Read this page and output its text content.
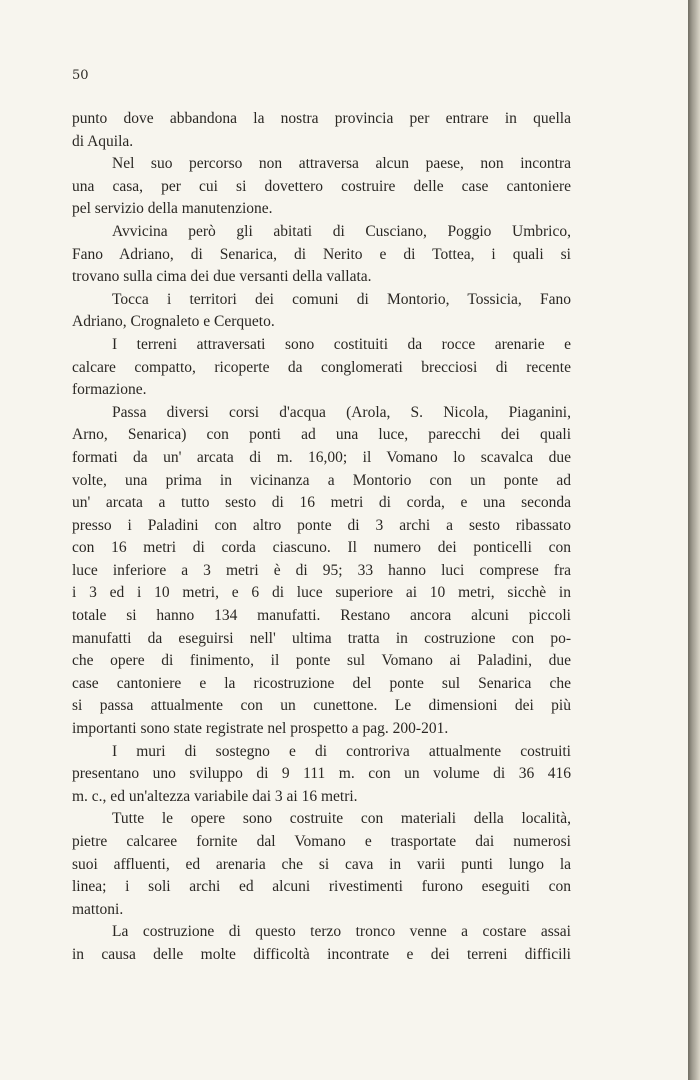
50
punto dove abbandona la nostra provincia per entrare in quella
di Aquila.
Nel suo percorso non attraversa alcun paese, non incontra
una casa, per cui si dovettero costruire delle case cantoniere
pel servizio della manutenzione.
Avvicina però gli abitati di Cusciano, Poggio Umbrico,
Fano Adriano, di Senarica, di Nerito e di Tottea, i quali si
trovano sulla cima dei due versanti della vallata.
Tocca i territori dei comuni di Montorio, Tossicia, Fano
Adriano, Crognaleto e Cerqueto.
I terreni attraversati sono costituiti da rocce arenarie e
calcare compatto, ricoperte da conglomerati brecciosi di recente
formazione.
Passa diversi corsi d'acqua (Arola, S. Nicola, Piaganini,
Arno, Senarica) con ponti ad una luce, parecchi dei quali
formati da un' arcata di m. 16,00; il Vomano lo scavalca due
volte, una prima in vicinanza a Montorio con un ponte ad
un' arcata a tutto sesto di 16 metri di corda, e una seconda
presso i Paladini con altro ponte di 3 archi a sesto ribassato
con 16 metri di corda ciascuno. Il numero dei ponticelli con
luce inferiore a 3 metri è di 95; 33 hanno luci comprese fra
i 3 ed i 10 metri, e 6 di luce superiore ai 10 metri, sicchè in
totale si hanno 134 manufatti. Restano ancora alcuni piccoli
manufatti da eseguirsi nell' ultima tratta in costruzione con po-
che opere di finimento, il ponte sul Vomano ai Paladini, due
case cantoniere e la ricostruzione del ponte sul Senarica che
si passa attualmente con un cunettone. Le dimensioni dei più
importanti sono state registrate nel prospetto a pag. 200-201.
I muri di sostegno e di controriva attualmente costruiti
presentano uno sviluppo di 9 111 m. con un volume di 36 416
m. c., ed un'altezza variabile dai 3 ai 16 metri.
Tutte le opere sono costruite con materiali della località,
pietre calcaree fornite dal Vomano e trasportate dai numerosi
suoi affluenti, ed arenaria che si cava in varii punti lungo la
linea; i soli archi ed alcuni rivestimenti furono eseguiti con
mattoni.
La costruzione di questo terzo tronco venne a costare assai
in causa delle molte difficoltà incontrate e dei terreni difficili
